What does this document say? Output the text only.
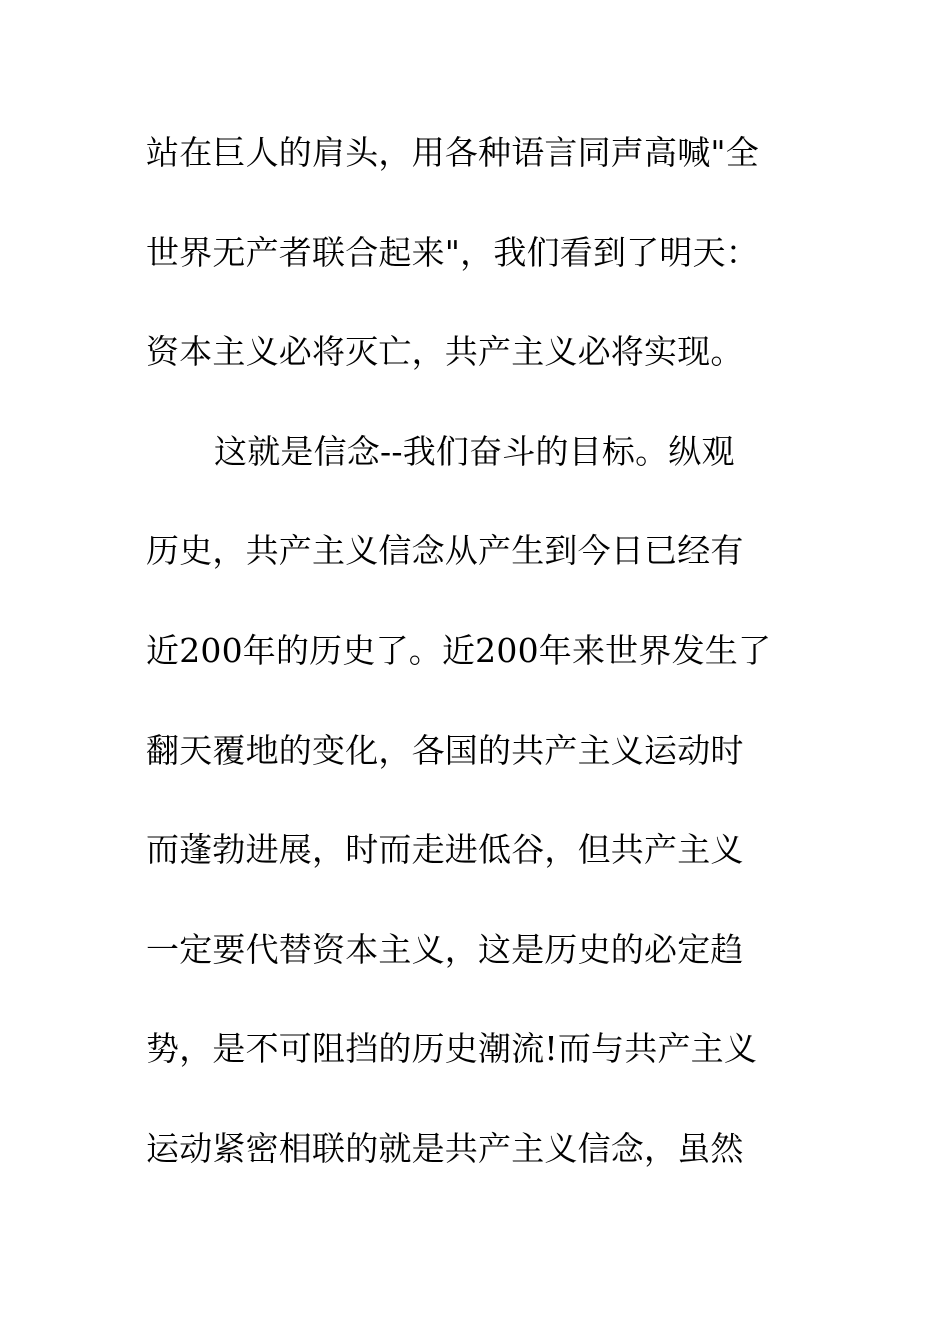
站在巨人的肩头，用各种语言同声高喊"全
世界无产者联合起来"，我们看到了明天：
资本主义必将灭亡，共产主义必将实现。
这就是信念--我们奋斗的目标。纵观
历史，共产主义信念从产生到今日已经有
近200年的历史了。近200年来世界发生了
翻天覆地的变化，各国的共产主义运动时
而蓬勃进展，时而走进低谷，但共产主义
一定要代替资本主义，这是历史的必定趋
势，是不可阻挡的历史潮流!而与共产主义
运动紧密相联的就是共产主义信念，虽然
